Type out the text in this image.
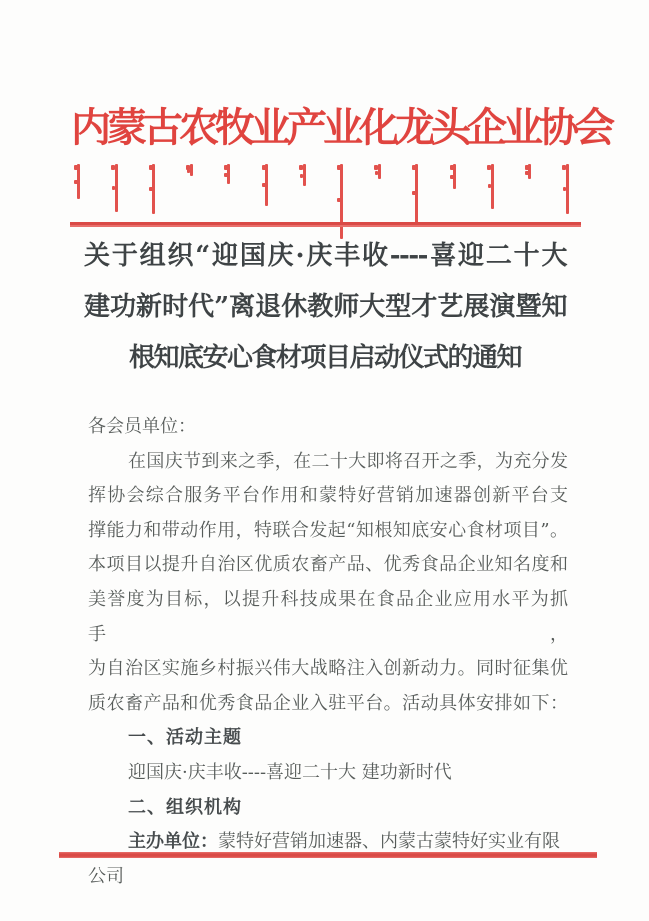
内蒙古农牧业产业化龙头企业协会
关于组织“迎国庆·庆丰收----喜迎二十大
建功新时代”离退休教师大型才艺展演暨知
根知底安心食材项目启动仪式的通知
各会员单位：
在国庆节到来之季，在二十大即将召开之季，为充分发
挥协会综合服务平台作用和蒙特好营销加速器创新平台支
撑能力和带动作用，特联合发起“知根知底安心食材项目”。
本项目以提升自治区优质农畜产品、优秀食品企业知名度和
美誉度为目标，以提升科技成果在食品企业应用水平为抓手，
为自治区实施乡村振兴伟大战略注入创新动力。同时征集优
质农畜产品和优秀食品企业入驻平台。活动具体安排如下：
一、活动主题
迎国庆·庆丰收----喜迎二十大 建功新时代
二、组织机构
主办单位：蒙特好营销加速器、内蒙古蒙特好实业有限
公司
